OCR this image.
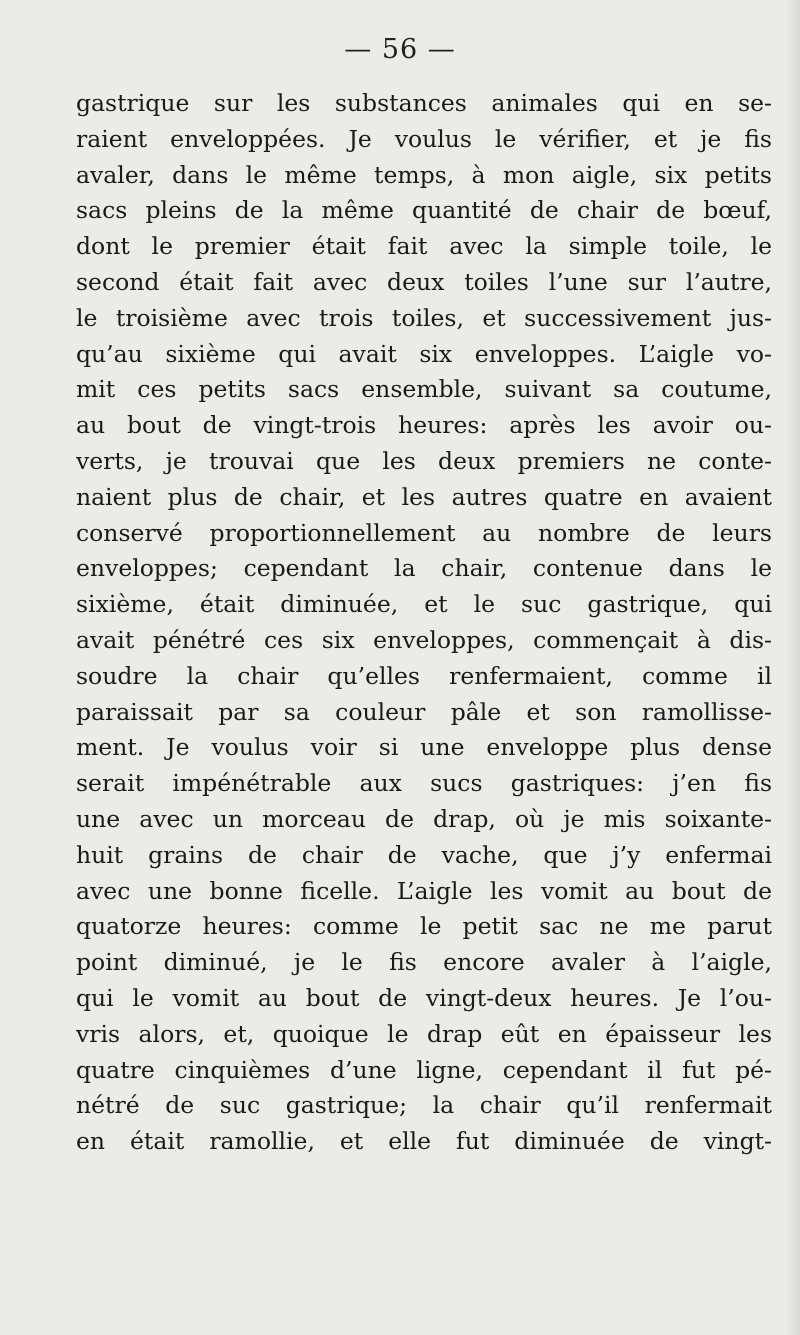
— 56 —
gastrique sur les substances animales qui en se-
raient enveloppées. Je voulus le vérifier, et je fis
avaler, dans le même temps, à mon aigle, six petits
sacs pleins de la même quantité de chair de bœuf,
dont le premier était fait avec la simple toile, le
second était fait avec deux toiles l’une sur l’autre,
le troisième avec trois toiles, et successivement jus-
qu’au sixième qui avait six enveloppes. L’aigle vo-
mit ces petits sacs ensemble, suivant sa coutume,
au bout de vingt-trois heures: après les avoir ou-
verts, je trouvai que les deux premiers ne conte-
naient plus de chair, et les autres quatre en avaient
conservé proportionnellement au nombre de leurs
enveloppes; cependant la chair, contenue dans le
sixième, était diminuée, et le suc gastrique, qui
avait pénétré ces six enveloppes, commençait à dis-
soudre la chair qu’elles renfermaient, comme il
paraissait par sa couleur pâle et son ramollisse-
ment. Je voulus voir si une enveloppe plus dense
serait impénétrable aux sucs gastriques: j’en fis
une avec un morceau de drap, où je mis soixante-
huit grains de chair de vache, que j’y enfermai
avec une bonne ficelle. L’aigle les vomit au bout de
quatorze heures: comme le petit sac ne me parut
point diminué, je le fis encore avaler à l’aigle,
qui le vomit au bout de vingt-deux heures. Je l’ou-
vris alors, et, quoique le drap eût en épaisseur les
quatre cinquièmes d’une ligne, cependant il fut pé-
nétré de suc gastrique; la chair qu’il renfermait
en était ramollie, et elle fut diminuée de vingt-
